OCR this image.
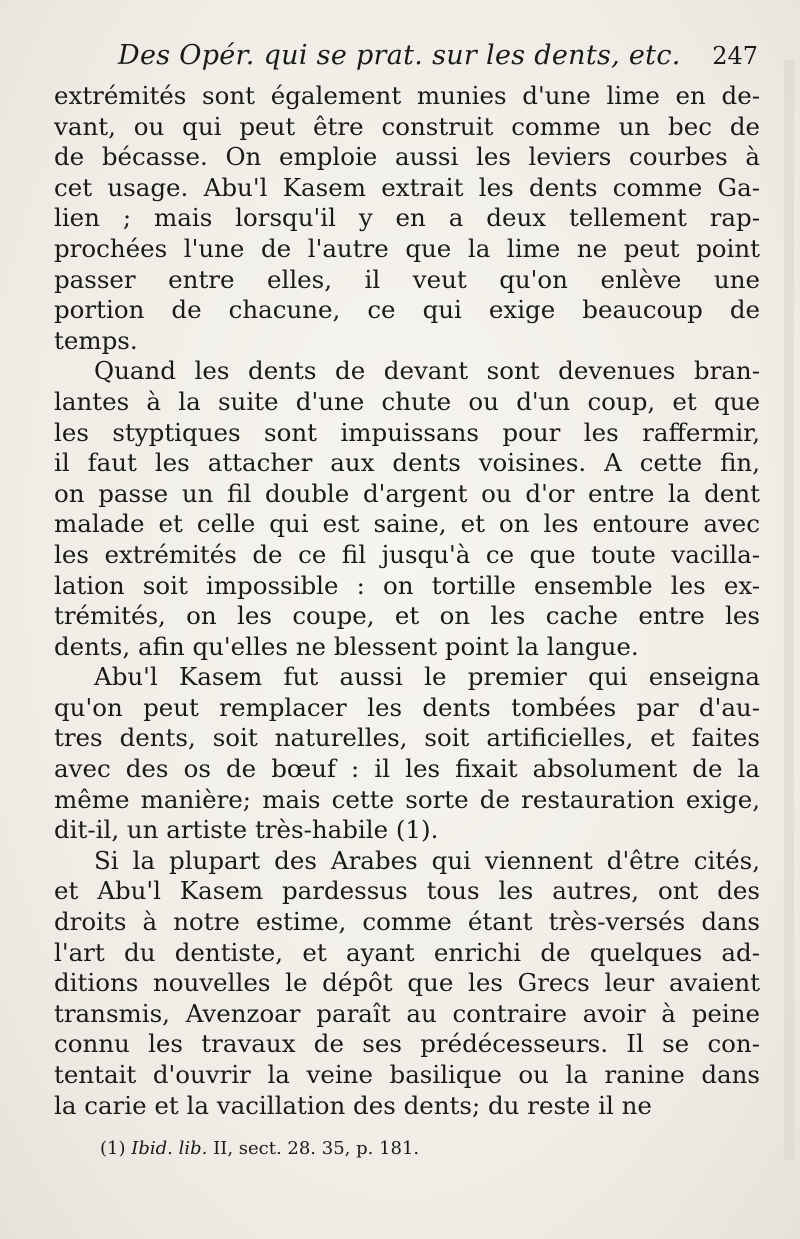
Des Opér. qui se prat. sur les dents, etc. 247
extrémités sont également munies d'une lime en de-
vant, ou qui peut être construit comme un bec de
de bécasse. On emploie aussi les leviers courbes à
cet usage. Abu'l Kasem extrait les dents comme Ga-
lien ; mais lorsqu'il y en a deux tellement rap-
prochées l'une de l'autre que la lime ne peut point
passer entre elles, il veut qu'on enlève une
portion de chacune, ce qui exige beaucoup de
temps.
Quand les dents de devant sont devenues bran-
lantes à la suite d'une chute ou d'un coup, et que
les styptiques sont impuissans pour les raffermir,
il faut les attacher aux dents voisines. A cette fin,
on passe un fil double d'argent ou d'or entre la dent
malade et celle qui est saine, et on les entoure avec
les extrémités de ce fil jusqu'à ce que toute vacilla-
lation soit impossible : on tortille ensemble les ex-
trémités, on les coupe, et on les cache entre les
dents, afin qu'elles ne blessent point la langue.
Abu'l Kasem fut aussi le premier qui enseigna
qu'on peut remplacer les dents tombées par d'au-
tres dents, soit naturelles, soit artificielles, et faites
avec des os de bœuf : il les fixait absolument de la
même manière; mais cette sorte de restauration exige,
dit-il, un artiste très-habile (1).
Si la plupart des Arabes qui viennent d'être cités,
et Abu'l Kasem pardessus tous les autres, ont des
droits à notre estime, comme étant très-versés dans
l'art du dentiste, et ayant enrichi de quelques ad-
ditions nouvelles le dépôt que les Grecs leur avaient
transmis, Avenzoar paraît au contraire avoir à peine
connu les travaux de ses prédécesseurs. Il se con-
tentait d'ouvrir la veine basilique ou la ranine dans
la carie et la vacillation des dents; du reste il ne
(1) Ibid. lib. II, sect. 28. 35, p. 181.
